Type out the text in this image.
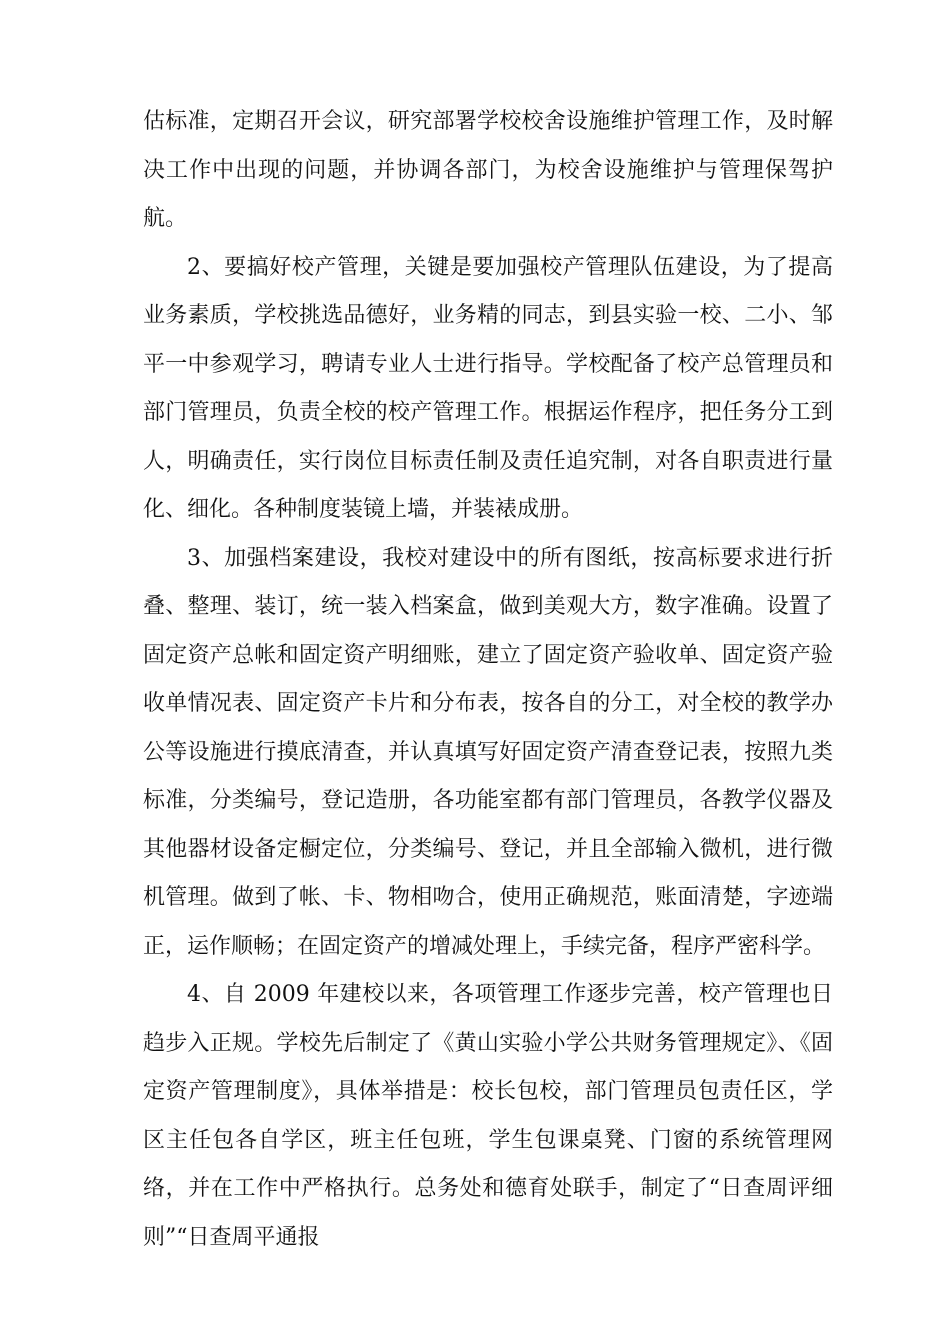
估标准，定期召开会议，研究部署学校校舍设施维护管理工作，及时解决工作中出现的问题，并协调各部门，为校舍设施维护与管理保驾护航。

2、要搞好校产管理，关键是要加强校产管理队伍建设，为了提高业务素质，学校挑选品德好，业务精的同志，到县实验一校、二小、邹平一中参观学习，聘请专业人士进行指导。学校配备了校产总管理员和部门管理员，负责全校的校产管理工作。根据运作程序，把任务分工到人，明确责任，实行岗位目标责任制及责任追究制，对各自职责进行量化、细化。各种制度装镜上墙，并装裱成册。

3、加强档案建设，我校对建设中的所有图纸，按高标要求进行折叠、整理、装订，统一装入档案盒，做到美观大方，数字准确。设置了固定资产总帐和固定资产明细账，建立了固定资产验收单、固定资产验收单情况表、固定资产卡片和分布表，按各自的分工，对全校的教学办公等设施进行摸底清查，并认真填写好固定资产清查登记表，按照九类标准，分类编号，登记造册，各功能室都有部门管理员，各教学仪器及其他器材设备定橱定位，分类编号、登记，并且全部输入微机，进行微机管理。做到了帐、卡、物相吻合，使用正确规范，账面清楚，字迹端正，运作顺畅；在固定资产的增减处理上，手续完备，程序严密科学。

4、自 2009 年建校以来，各项管理工作逐步完善，校产管理也日趋步入正规。学校先后制定了《黄山实验小学公共财务管理规定》、《固定资产管理制度》，具体举措是：校长包校，部门管理员包责任区，学区主任包各自学区，班主任包班，学生包课桌凳、门窗的系统管理网络，并在工作中严格执行。总务处和德育处联手，制定了“日查周评细则”“日查周平通报
